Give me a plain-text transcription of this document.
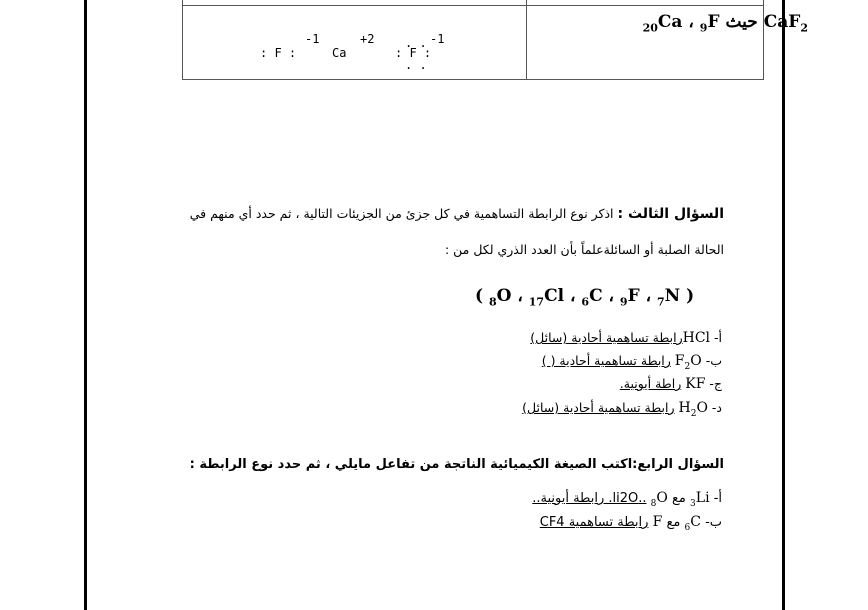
CaF$_2$ حيث $_{20}$Ca ، $_9$F
-1
: F :	Ca
+2	. . -1
: F :
. .
السؤال الثالث : اذكر نوع الرابطة التساهمية في كل جزئ من الجزيئات التالية ، ثم حدد أي منهم في
الحالة الصلبة أو السائلةعلماً بأن العدد الذري لكل من :
( $_8$O ، $_{17}$Cl ، $_6$C ، $_9$F ، $_7$N )
أ- HClرابطة تساهمية أحادية (سائل)
ب- $F_2O$ رابطة تساهمية أحادية ( )
ج- KF راطة أيونية.
د- $H_2O$ رابطة تساهمية أحادية (سائل)
السؤال الرابع:اكتب الصيغة الكيميائية الناتجة من تفاعل مايلي ، ثم حدد نوع الرابطة :
أ- $_3$Li مع $_8$O ..li2O. رابطة أيونية..
ب- $_6$C مع F رابطة تساهمية CF4
